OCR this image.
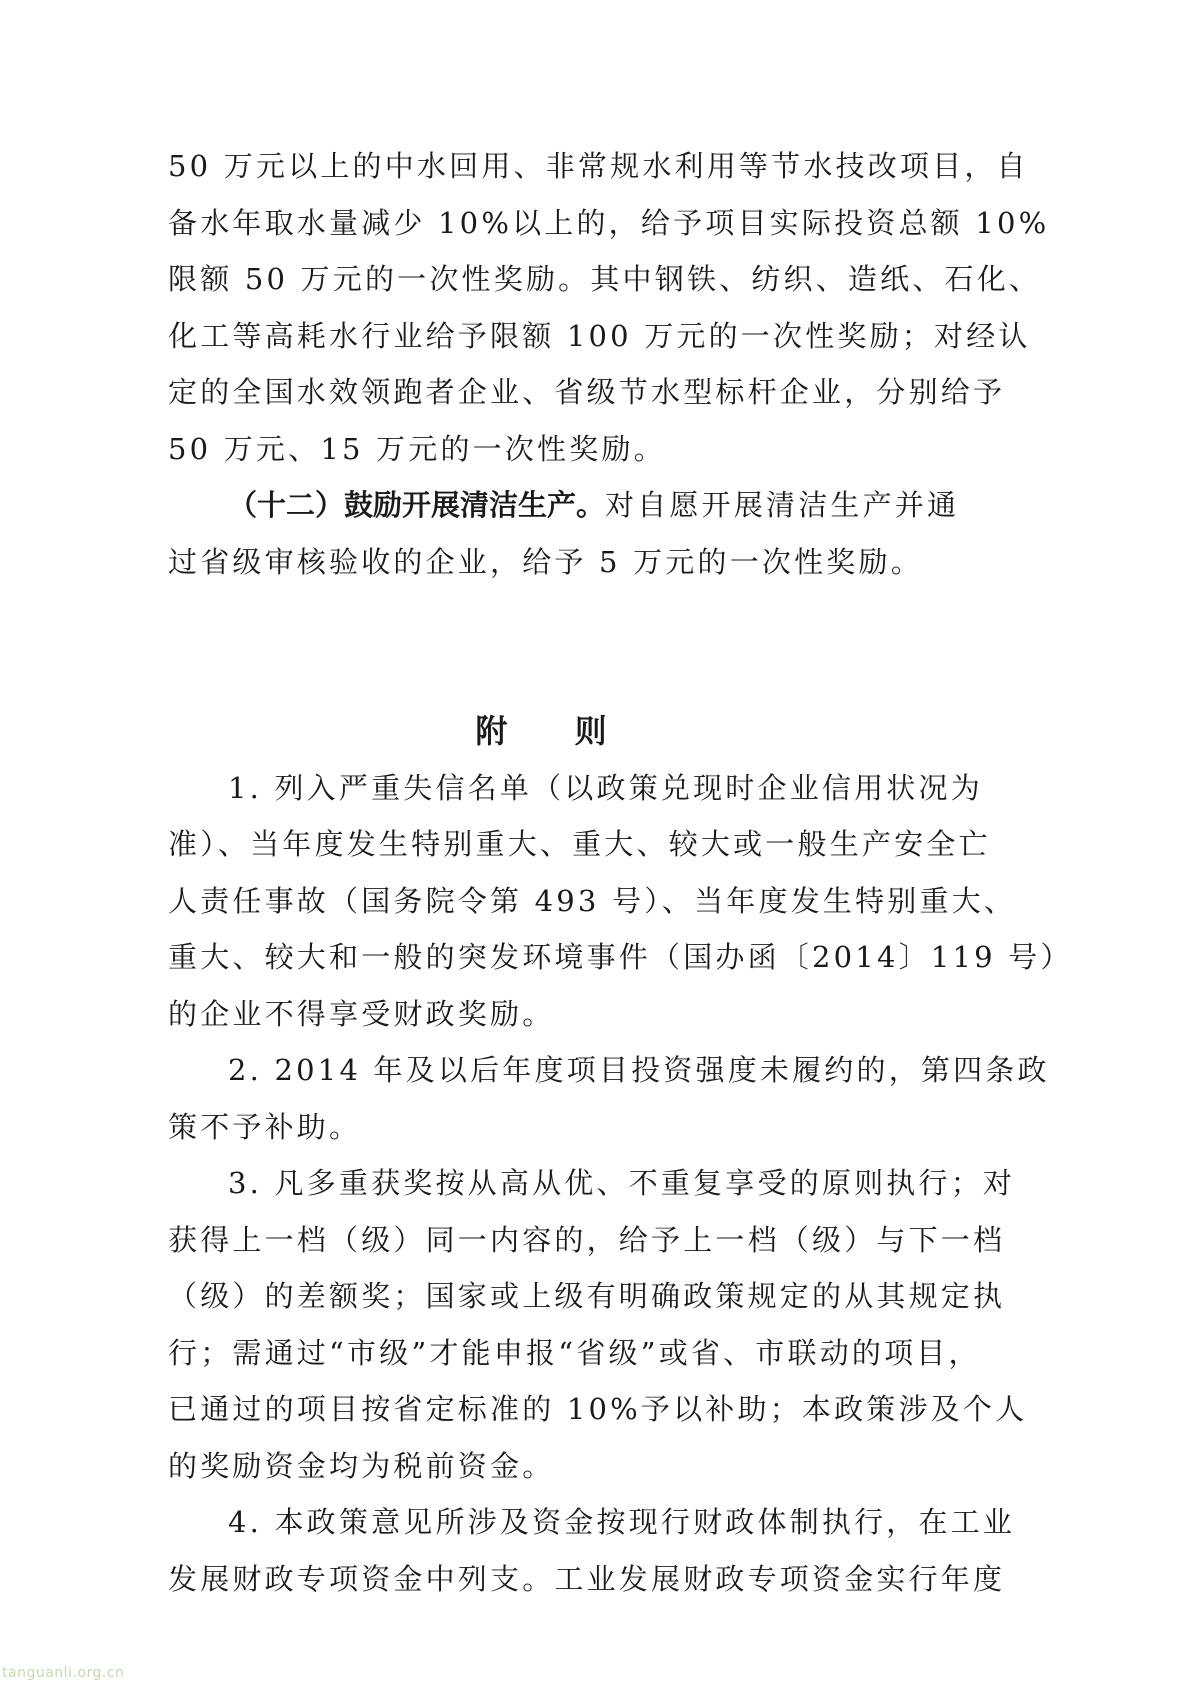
50 万元以上的中水回用、非常规水利用等节水技改项目，自
备水年取水量减少 10%以上的，给予项目实际投资总额 10%
限额 50 万元的一次性奖励。其中钢铁、纺织、造纸、石化、
化工等高耗水行业给予限额 100 万元的一次性奖励；对经认
定的全国水效领跑者企业、省级节水型标杆企业，分别给予
50 万元、15 万元的一次性奖励。
（十二）鼓励开展清洁生产。对自愿开展清洁生产并通
过省级审核验收的企业，给予 5 万元的一次性奖励。
附 则
1. 列入严重失信名单（以政策兑现时企业信用状况为
准）、当年度发生特别重大、重大、较大或一般生产安全亡
人责任事故（国务院令第 493 号）、当年度发生特别重大、
重大、较大和一般的突发环境事件（国办函〔2014〕119 号）
的企业不得享受财政奖励。
2. 2014 年及以后年度项目投资强度未履约的，第四条政
策不予补助。
3. 凡多重获奖按从高从优、不重复享受的原则执行；对
获得上一档（级）同一内容的，给予上一档（级）与下一档
（级）的差额奖；国家或上级有明确政策规定的从其规定执
行；需通过“市级”才能申报“省级”或省、市联动的项目，
已通过的项目按省定标准的 10%予以补助；本政策涉及个人
的奖励资金均为税前资金。
4. 本政策意见所涉及资金按现行财政体制执行，在工业
发展财政专项资金中列支。工业发展财政专项资金实行年度
tanguanli.org.cn
